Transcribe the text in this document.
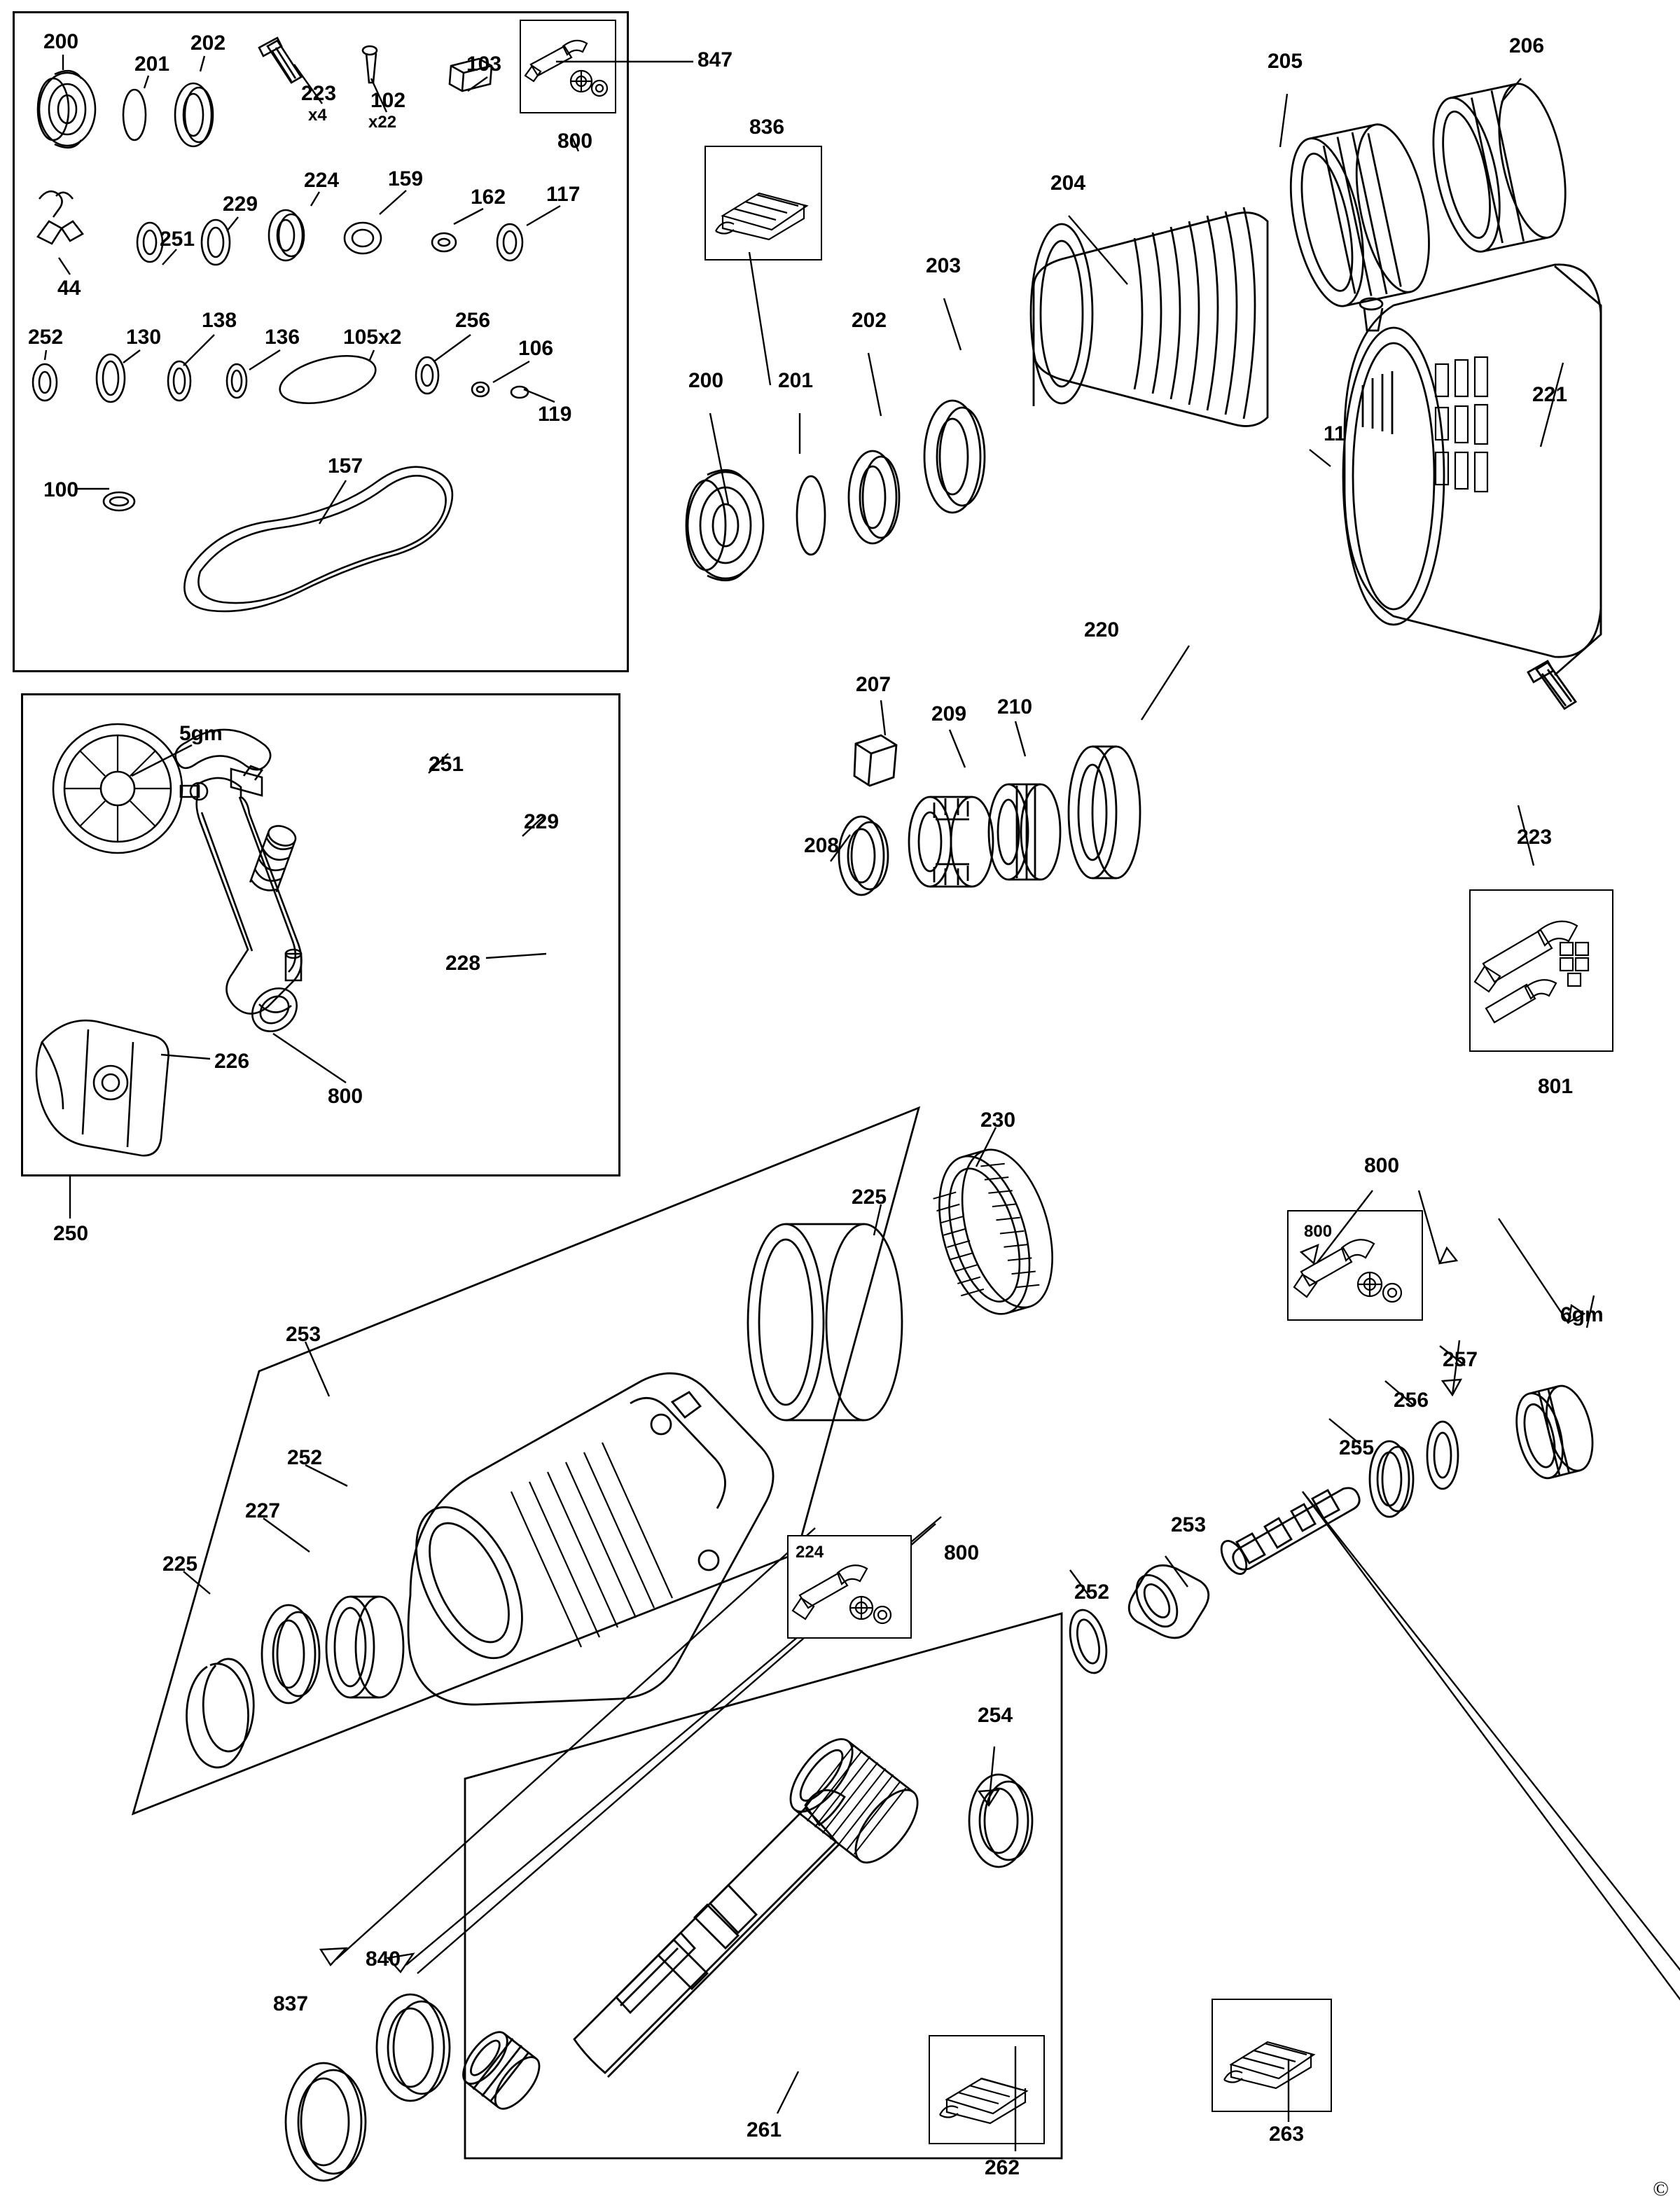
200
201
202
223
x4
102
x22
103	847
800
251
229
224 159
162 117
44
252	130
138
136 105x2
256
106
119
100
157
836
200	201
202
203
204
205
206
11
221
223
207
209 210
220
208
801
5gm
251
229
228
226
800
250
230
225
253
252
227
225
840
837
254
261
224	800
6gm
257
256
255
253
252
800
800
262
263
©
